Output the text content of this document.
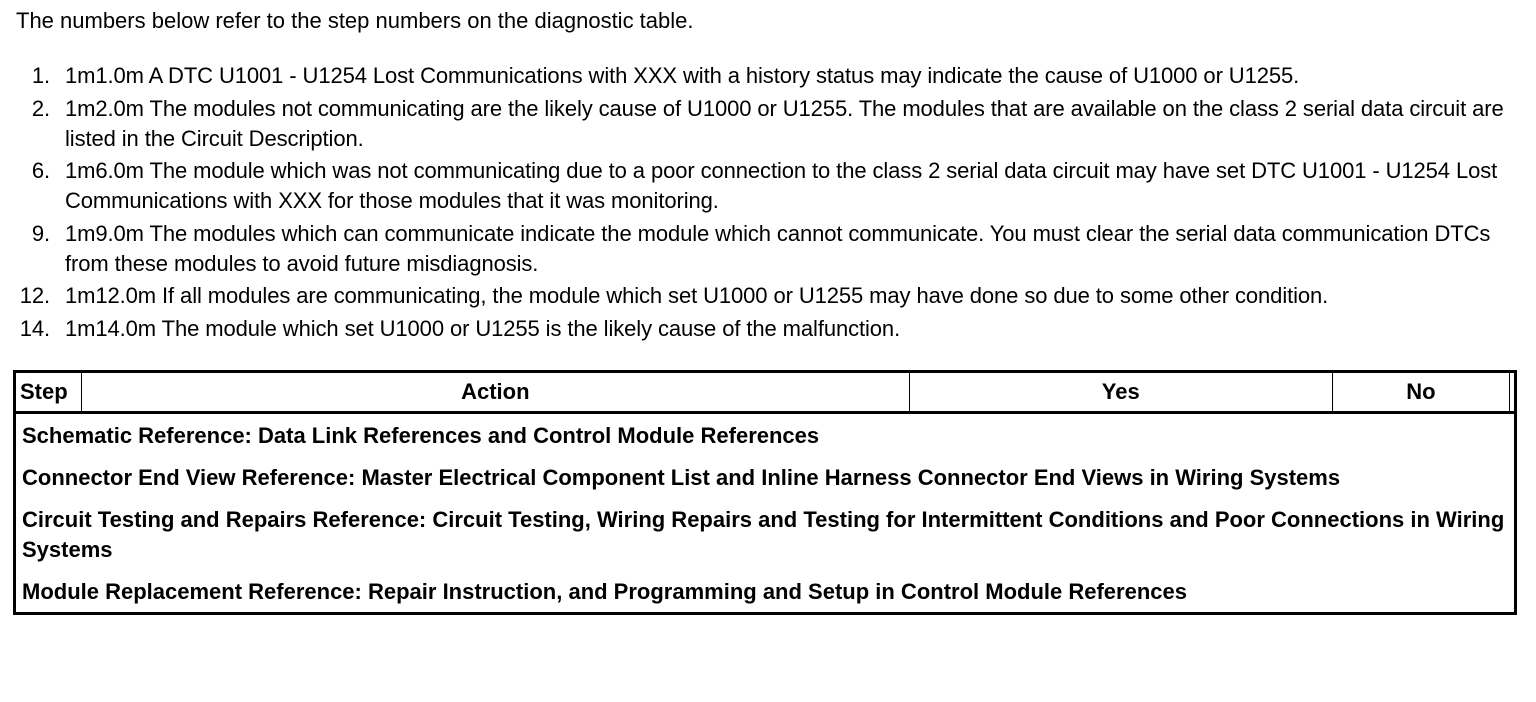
The numbers below refer to the step numbers on the diagnostic table.
1. 1m1.0m A DTC U1001 - U1254 Lost Communications with XXX with a history status may indicate the cause of U1000 or U1255.
2. 1m2.0m The modules not communicating are the likely cause of U1000 or U1255. The modules that are available on the class 2 serial data circuit are listed in the Circuit Description.
6. 1m6.0m The module which was not communicating due to a poor connection to the class 2 serial data circuit may have set DTC U1001 - U1254 Lost Communications with XXX for those modules that it was monitoring.
9. 1m9.0m The modules which can communicate indicate the module which cannot communicate. You must clear the serial data communication DTCs from these modules to avoid future misdiagnosis.
12. 1m12.0m If all modules are communicating, the module which set U1000 or U1255 may have done so due to some other condition.
14. 1m14.0m The module which set U1000 or U1255 is the likely cause of the malfunction.
Step	Action	Yes	No	
Schematic Reference: Data Link References and Control Module References
Connector End View Reference: Master Electrical Component List and Inline Harness Connector End Views in Wiring Systems
Circuit Testing and Repairs Reference: Circuit Testing, Wiring Repairs and Testing for Intermittent Conditions and Poor Connections in Wiring Systems
Module Replacement Reference: Repair Instruction, and Programming and Setup in Control Module References
